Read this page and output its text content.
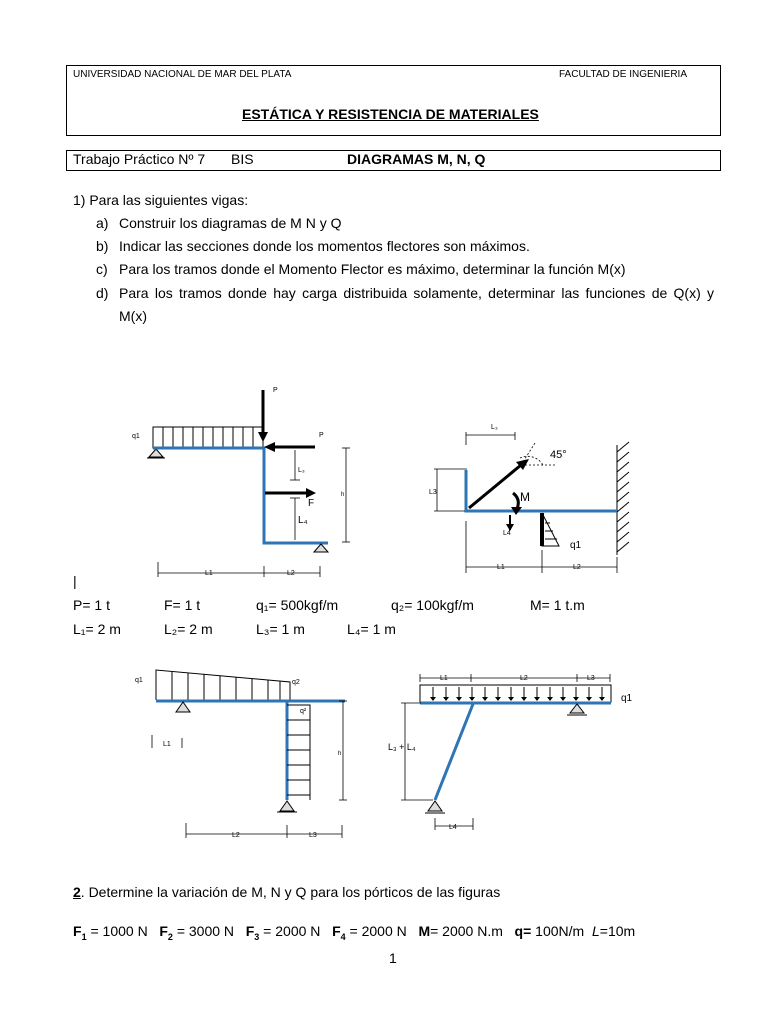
UNIVERSIDAD NACIONAL DE MAR DEL PLATA	FACULTAD DE INGENIERIA
ESTÁTICA Y RESISTENCIA DE MATERIALES
Trabajo Práctico Nº 7 BIS	DIAGRAMAS M, N, Q
1) Para las siguientes vigas:
a) Construir los diagramas de M N y Q
b) Indicar las secciones donde los momentos flectores son máximos.
c) Para los tramos donde el Momento Flector es máximo, determinar la función M(x)
d) Para los tramos donde hay carga distribuida solamente, determinar las funciones de Q(x) y
M(x)
q1
P
P
F
L₃
h
L₄
L1	L2
45°
M
q1
L₃
L3
L4
L1	L2
|
P= 1 t	F= 1 t	q₁= 500kgf/m	q₂= 100kgf/m	M= 1 t.m
L₁= 2 m	L₂= 2 m	L₃= 1 m	L₄= 1 m
q1	q2
q²
L1
h
L2	L3
L1	L2	L3
q1
L₃ + L₄
L4
2. Determine la variación de M, N y Q para los pórticos de las figuras
$F_1 = 1000$ N $F_2 = 3000$ N $F_3 = 2000$ N $F_4 = 2000$ N M= 2000 N.m q= 100N/m L=10m
1
